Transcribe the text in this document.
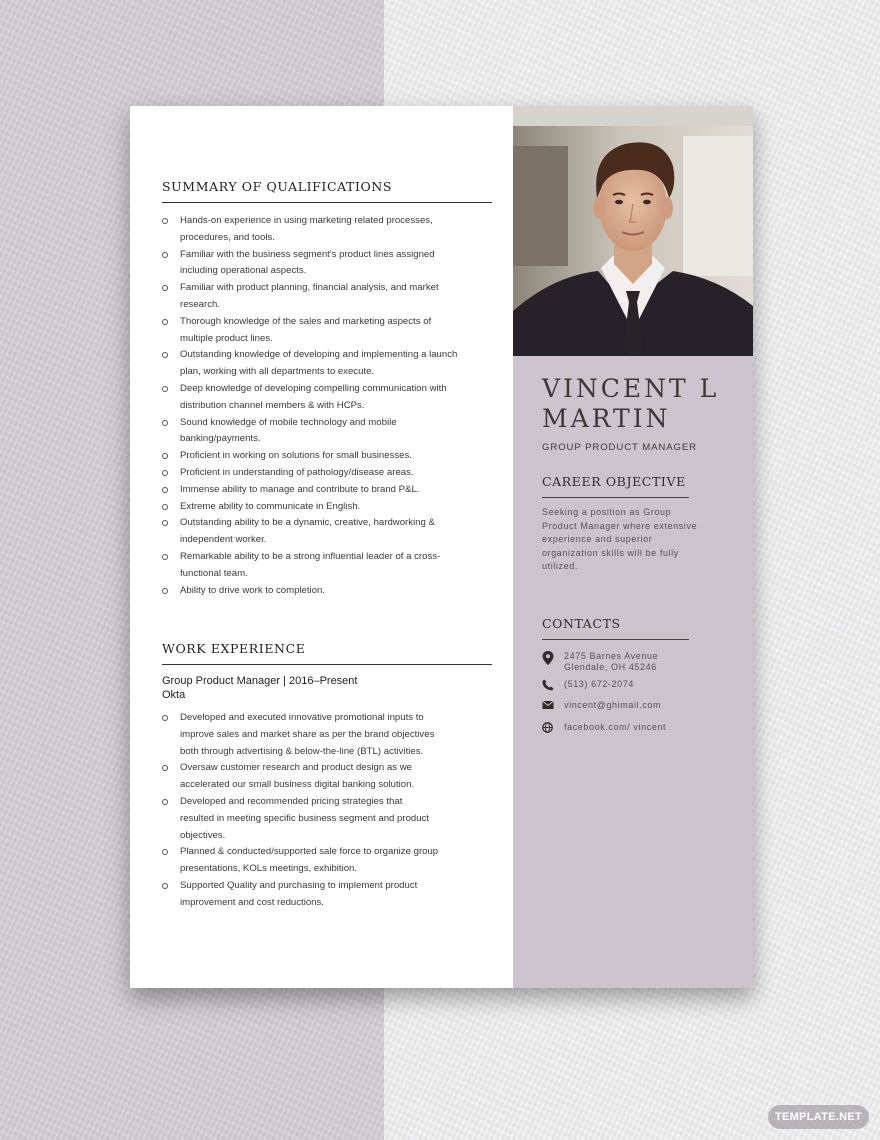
SUMMARY OF QUALIFICATIONS
Hands-on experience in using marketing related processes,
procedures, and tools.
Familiar with the business segment's product lines assigned
including operational aspects.
Familiar with product planning, financial analysis, and market
research.
Thorough knowledge of the sales and marketing aspects of
multiple product lines.
Outstanding knowledge of developing and implementing a launch
plan, working with all departments to execute.
Deep knowledge of developing compelling communication with
distribution channel members & with HCPs.
Sound knowledge of mobile technology and mobile
banking/payments.
Proficient in working on solutions for small businesses.
Proficient in understanding of pathology/disease areas.
Immense ability to manage and contribute to brand P&L.
Extreme ability to communicate in English.
Outstanding ability to be a dynamic, creative, hardworking &
independent worker.
Remarkable ability to be a strong influential leader of a cross-
functional team.
Ability to drive work to completion.
WORK EXPERIENCE
Group Product Manager | 2016–Present
Okta
Developed and executed innovative promotional inputs to
improve sales and market share as per the brand objectives
both through advertising & below-the-line (BTL) activities.
Oversaw customer research and product design as we
accelerated our small business digital banking solution.
Developed and recommended pricing strategies that
resulted in meeting specific business segment and product
objectives.
Planned & conducted/supported sale force to organize group
presentations, KOLs meetings, exhibition.
Supported Quality and purchasing to implement product
improvement and cost reductions.
VINCENT L
MARTIN
GROUP PRODUCT MANAGER
CAREER OBJECTIVE
Seeking a position as Group
Product Manager where extensive
experience and superior
organization skills will be fully
utilized.
CONTACTS
2475 Barnes Avenue
Glendale, OH 45246
(513) 672-2074
vincent@ghimail.com
facebook.com/ vincent
TEMPLATE.NET
